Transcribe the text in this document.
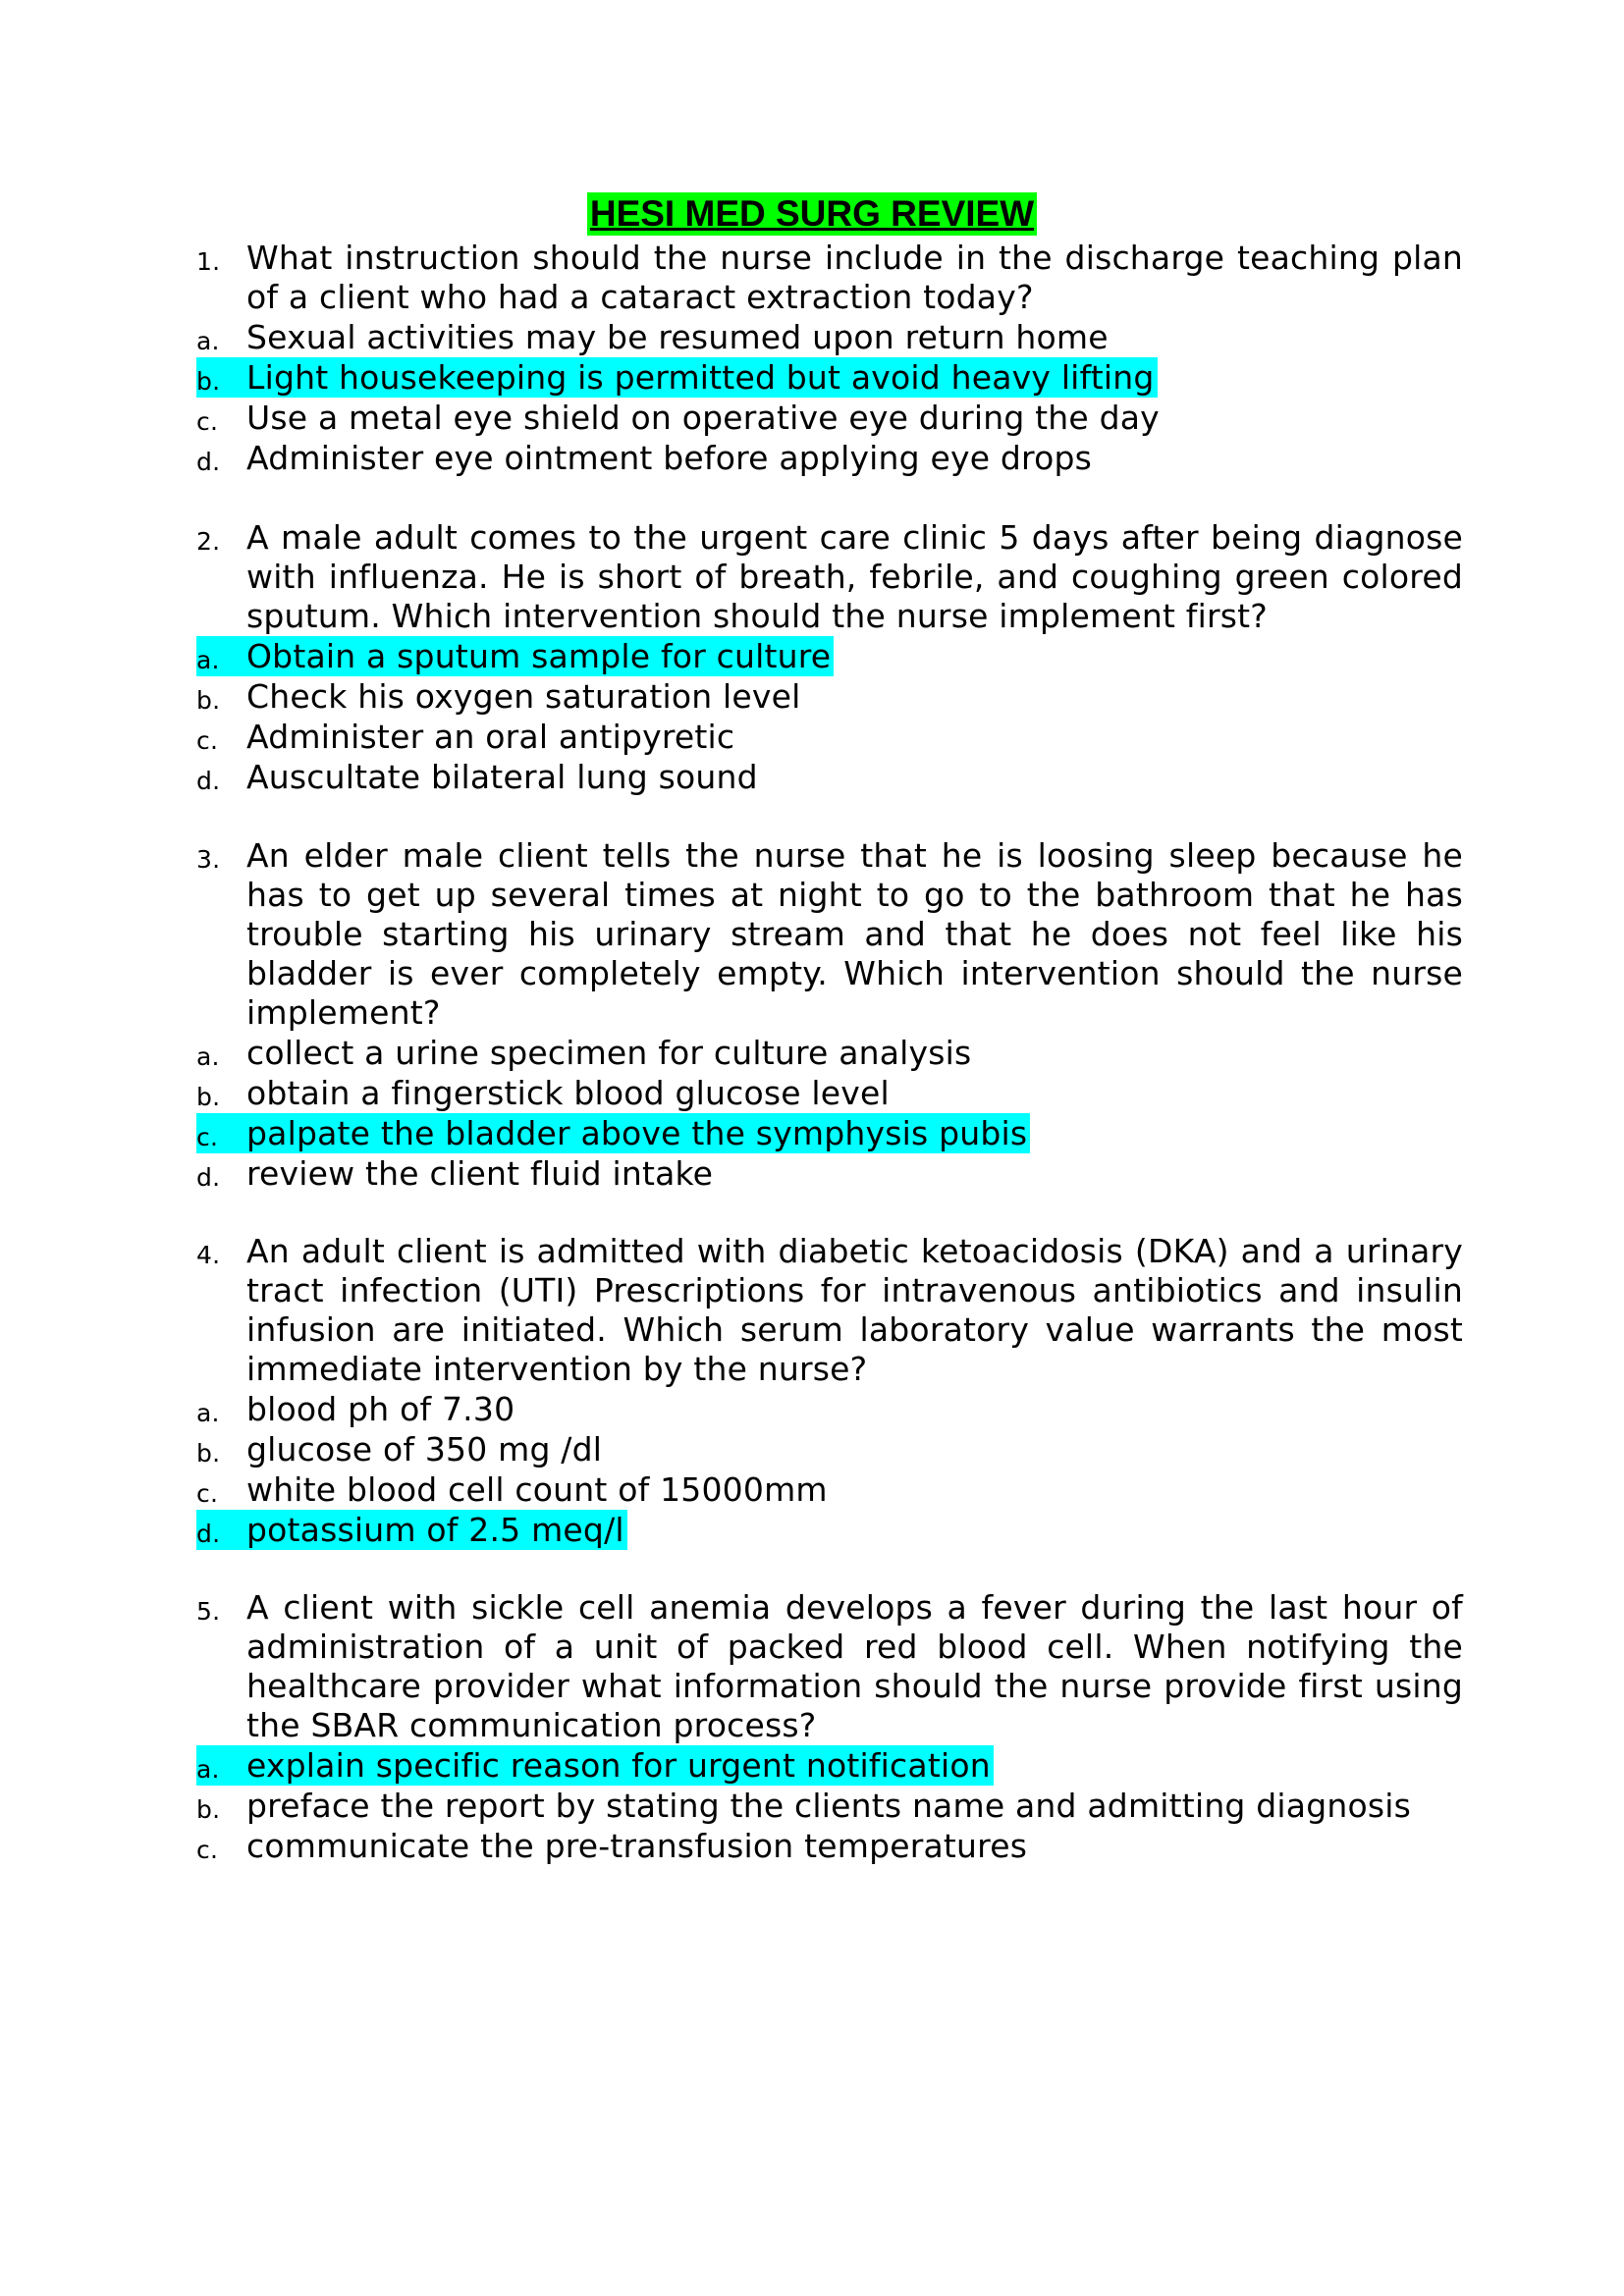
HESI MED SURG REVIEW
1. What instruction should the nurse include in the discharge teaching plan of a client who had a cataract extraction today?
a. Sexual activities may be resumed upon return home
b. Light housekeeping is permitted but avoid heavy lifting
c. Use a metal eye shield on operative eye during the day
d. Administer eye ointment before applying eye drops
2. A male adult comes to the urgent care clinic 5 days after being diagnose with influenza. He is short of breath, febrile, and coughing green colored sputum. Which intervention should the nurse implement first?
a. Obtain a sputum sample for culture
b. Check his oxygen saturation level
c. Administer an oral antipyretic
d. Auscultate bilateral lung sound
3. An elder male client tells the nurse that he is loosing sleep because he has to get up several times at night to go to the bathroom that he has trouble starting his urinary stream and that he does not feel like his bladder is ever completely empty. Which intervention should the nurse implement?
a. collect a urine specimen for culture analysis
b. obtain a fingerstick blood glucose level
c. palpate the bladder above the symphysis pubis
d. review the client fluid intake
4. An adult client is admitted with diabetic ketoacidosis (DKA) and a urinary tract infection (UTI) Prescriptions for intravenous antibiotics and insulin infusion are initiated. Which serum laboratory value warrants the most immediate intervention by the nurse?
a. blood ph of 7.30
b. glucose of 350 mg /dl
c. white blood cell count of 15000mm
d. potassium of 2.5 meq/l
5. A client with sickle cell anemia develops a fever during the last hour of administration of a unit of packed red blood cell. When notifying the healthcare provider what information should the nurse provide first using the SBAR communication process?
a. explain specific reason for urgent notification
b. preface the report by stating the clients name and admitting diagnosis
c. communicate the pre-transfusion temperatures
